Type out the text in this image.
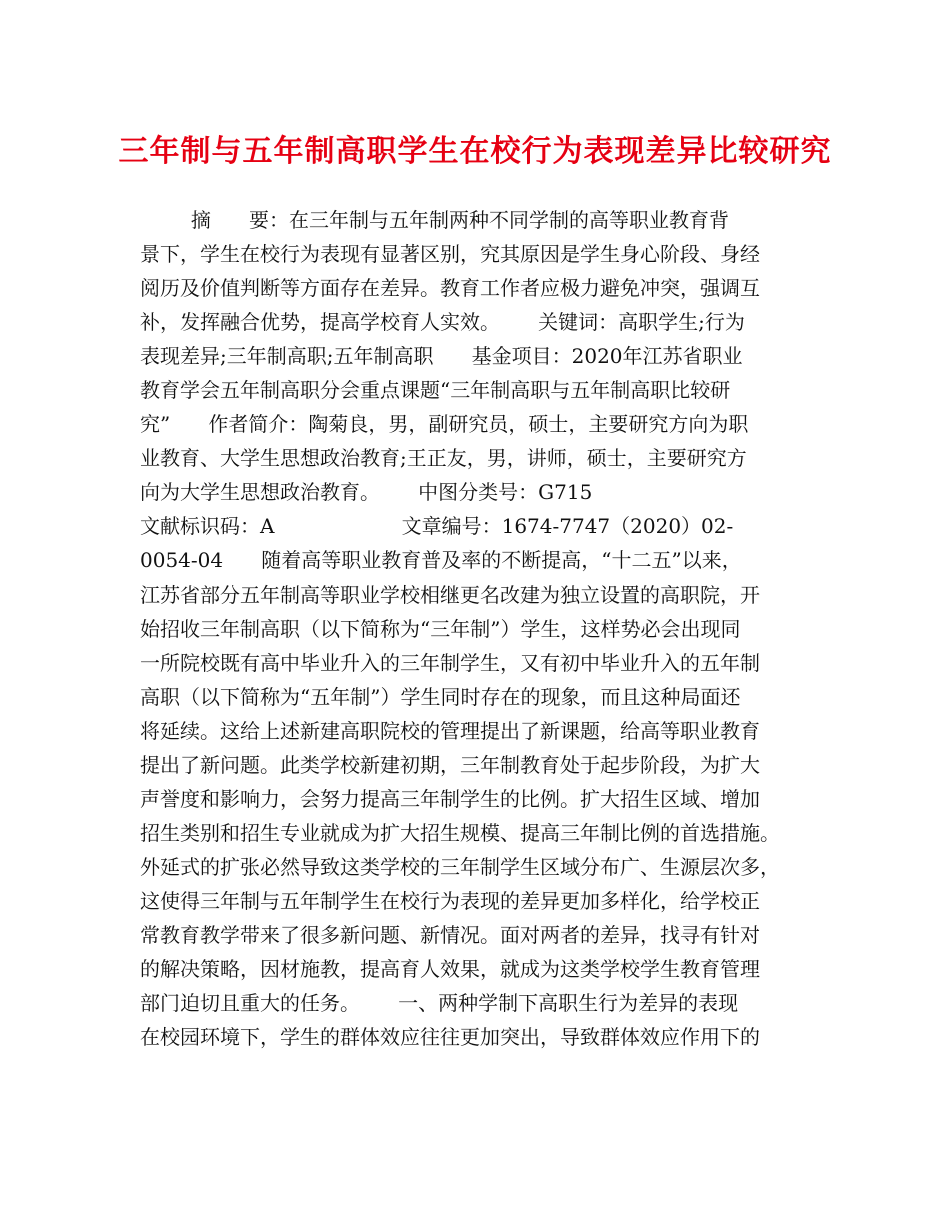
三年制与五年制高职学生在校行为表现差异比较研究
摘      要：在三年制与五年制两种不同学制的高等职业教育背
景下，学生在校行为表现有显著区别，究其原因是学生身心阶段、身经
阅历及价值判断等方面存在差异。教育工作者应极力避免冲突，强调互
补，发挥融合优势，提高学校育人实效。      关键词：高职学生;行为
表现差异;三年制高职;五年制高职      基金项目：2020年江苏省职业
教育学会五年制高职分会重点课题“三年制高职与五年制高职比较研
究”      作者简介：陶菊良，男，副研究员，硕士，主要研究方向为职
业教育、大学生思想政治教育;王正友，男，讲师，硕士，主要研究方
向为大学生思想政治教育。      中图分类号：G715
文献标识码：A                    文章编号：1674-7747（2020）02-
0054-04      随着高等职业教育普及率的不断提高，“十二五”以来，
江苏省部分五年制高等职业学校相继更名改建为独立设置的高职院，开
始招收三年制高职（以下简称为“三年制”）学生，这样势必会出现同
一所院校既有高中毕业升入的三年制学生，又有初中毕业升入的五年制
高职（以下简称为“五年制”）学生同时存在的现象，而且这种局面还
将延续。这给上述新建高职院校的管理提出了新课题，给高等职业教育
提出了新问题。此类学校新建初期，三年制教育处于起步阶段，为扩大
声誉度和影响力，会努力提高三年制学生的比例。扩大招生区域、增加
招生类别和招生专业就成为扩大招生规模、提高三年制比例的首选措施。
外延式的扩张必然导致这类学校的三年制学生区域分布广、生源层次多，
这使得三年制与五年制学生在校行为表现的差异更加多样化，给学校正
常教育教学带来了很多新问题、新情况。面对两者的差异，找寻有针对
的解决策略，因材施教，提高育人效果，就成为这类学校学生教育管理
部门迫切且重大的任务。      一、两种学制下高职生行为差异的表现
在校园环境下，学生的群体效应往往更加突出，导致群体效应作用下的
